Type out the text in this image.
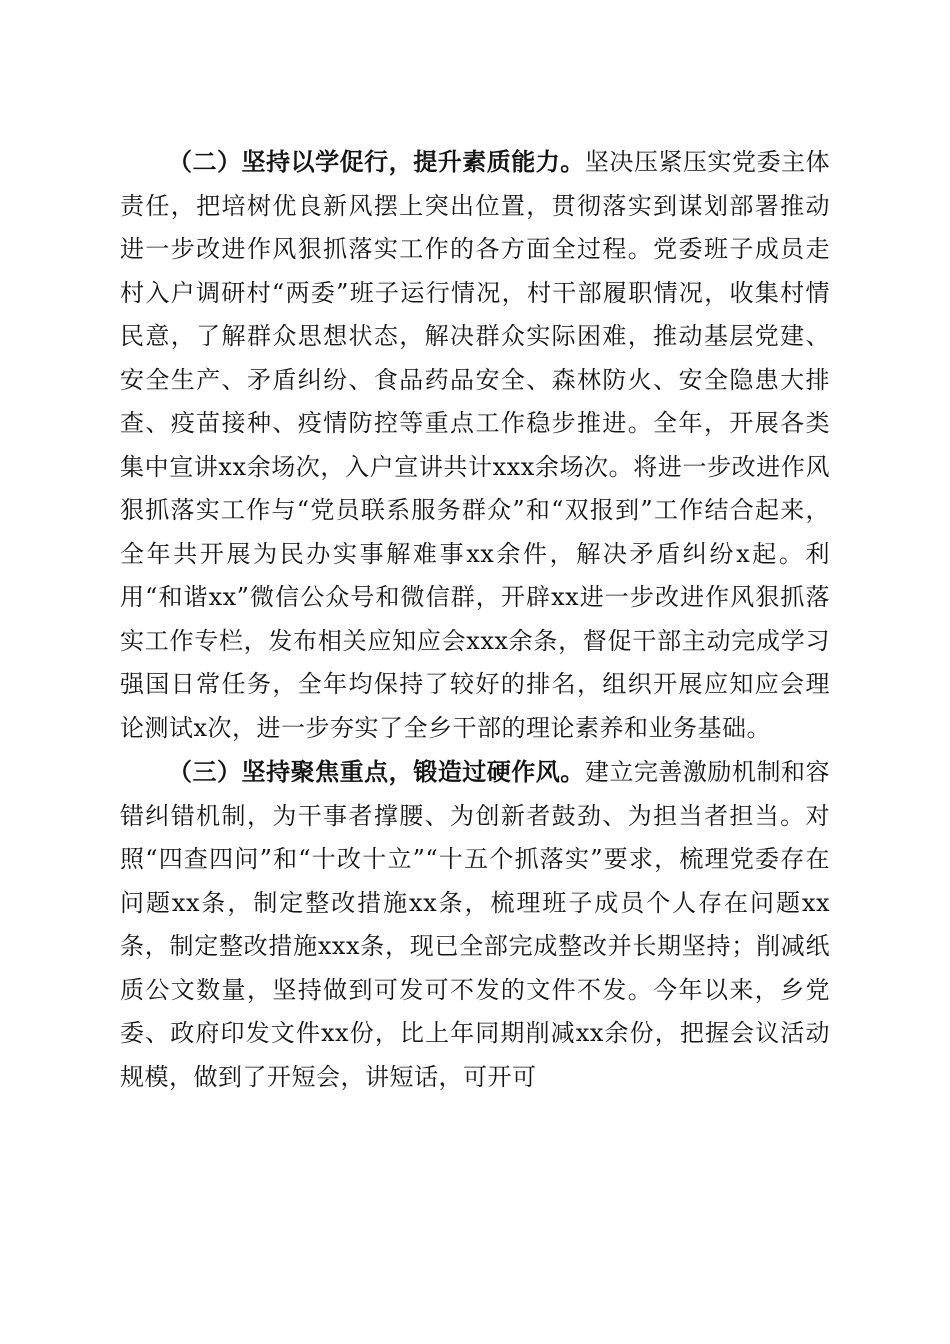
（二）坚持以学促行，提升素质能力。坚决压紧压实党委主体责任，把培树优良新风摆上突出位置，贯彻落实到谋划部署推动进一步改进作风狠抓落实工作的各方面全过程。党委班子成员走村入户调研村“两委”班子运行情况，村干部履职情况，收集村情民意，了解群众思想状态，解决群众实际困难，推动基层党建、安全生产、矛盾纠纷、食品药品安全、森林防火、安全隐患大排查、疫苗接种、疫情防控等重点工作稳步推进。全年，开展各类集中宣讲xx余场次，入户宣讲共计xxx余场次。将进一步改进作风狠抓落实工作与“党员联系服务群众”和“双报到”工作结合起来，全年共开展为民办实事解难事xx余件，解决矛盾纠纷x起。利用“和谐xx”微信公众号和微信群，开辟xx进一步改进作风狠抓落实工作专栏，发布相关应知应会xxx余条，督促干部主动完成学习强国日常任务，全年均保持了较好的排名，组织开展应知应会理论测试x次，进一步夯实了全乡干部的理论素养和业务基础。

（三）坚持聚焦重点，锻造过硬作风。建立完善激励机制和容错纠错机制，为干事者撑腰、为创新者鼓劲、为担当者担当。对照“四查四问”和“十改十立”“十五个抓落实”要求，梳理党委存在问题xx条，制定整改措施xx条，梳理班子成员个人存在问题xx条，制定整改措施xxx条，现已全部完成整改并长期坚持；削减纸质公文数量，坚持做到可发可不发的文件不发。今年以来，乡党委、政府印发文件xx份，比上年同期削减xx余份，把握会议活动规模，做到了开短会，讲短话，可开可
